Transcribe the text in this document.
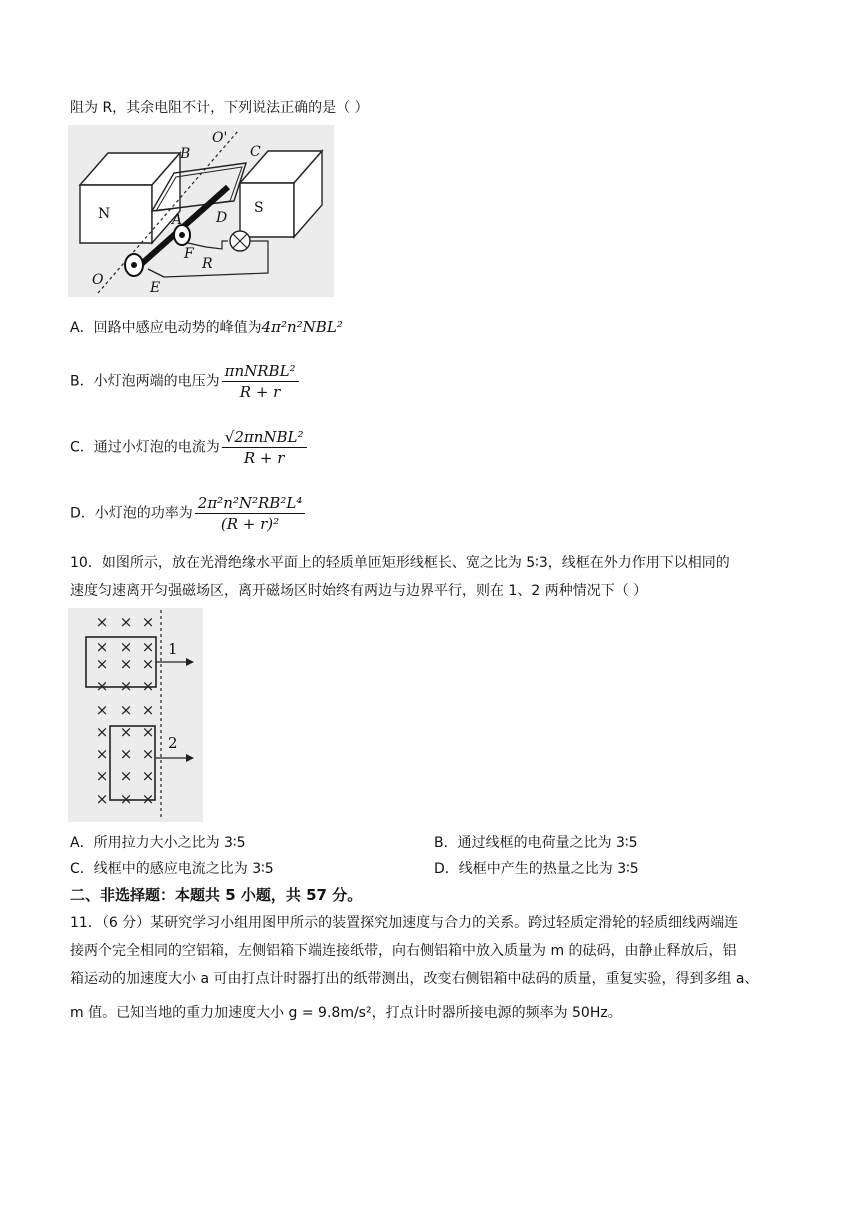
阻为 R，其余电阻不计，下列说法正确的是（ ）
B
O'
C
N	A D
S
F
R
O	E
A．回路中感应电动势的峰值为4π²n²NBL²
B．小灯泡两端的电压为 $\frac{\text{πnNRBL²}}{R + r}$
C．通过小灯泡的电流为 $\frac{\text{√2πnNBL²}}{R + r}$
D．小灯泡的功率为 $\frac{\text{2π²n²N²RB²L⁴}}{\text{(R + r)²}}$
10．如图所示，放在光滑绝缘水平面上的轻质单匝矩形线框长、宽之比为 5∶3，线框在外力作用下以相同的
速度匀速离开匀强磁场区，离开磁场区时始终有两边与边界平行，则在 1、2 两种情况下（ ）
× × ×
× × ×
× × ×
× × ×
× × ×
× × ×
× × ×
× × ×
× × ×
1
2
A．所用拉力大小之比为 3∶5	B．通过线框的电荷量之比为 3∶5
C．线框中的感应电流之比为 3∶5	D．线框中产生的热量之比为 3∶5
二、非选择题：本题共 5 小题，共 57 分。
11．（6 分）某研究学习小组用图甲所示的装置探究加速度与合力的关系。跨过轻质定滑轮的轻质细线两端连
接两个完全相同的空铝箱，左侧铝箱下端连接纸带，向右侧铝箱中放入质量为 m 的砝码，由静止释放后，铝
箱运动的加速度大小 a 可由打点计时器打出的纸带测出，改变右侧铝箱中砝码的质量，重复实验，得到多组 a、
m 值。已知当地的重力加速度大小 g = 9.8m/s²，打点计时器所接电源的频率为 50Hz。
